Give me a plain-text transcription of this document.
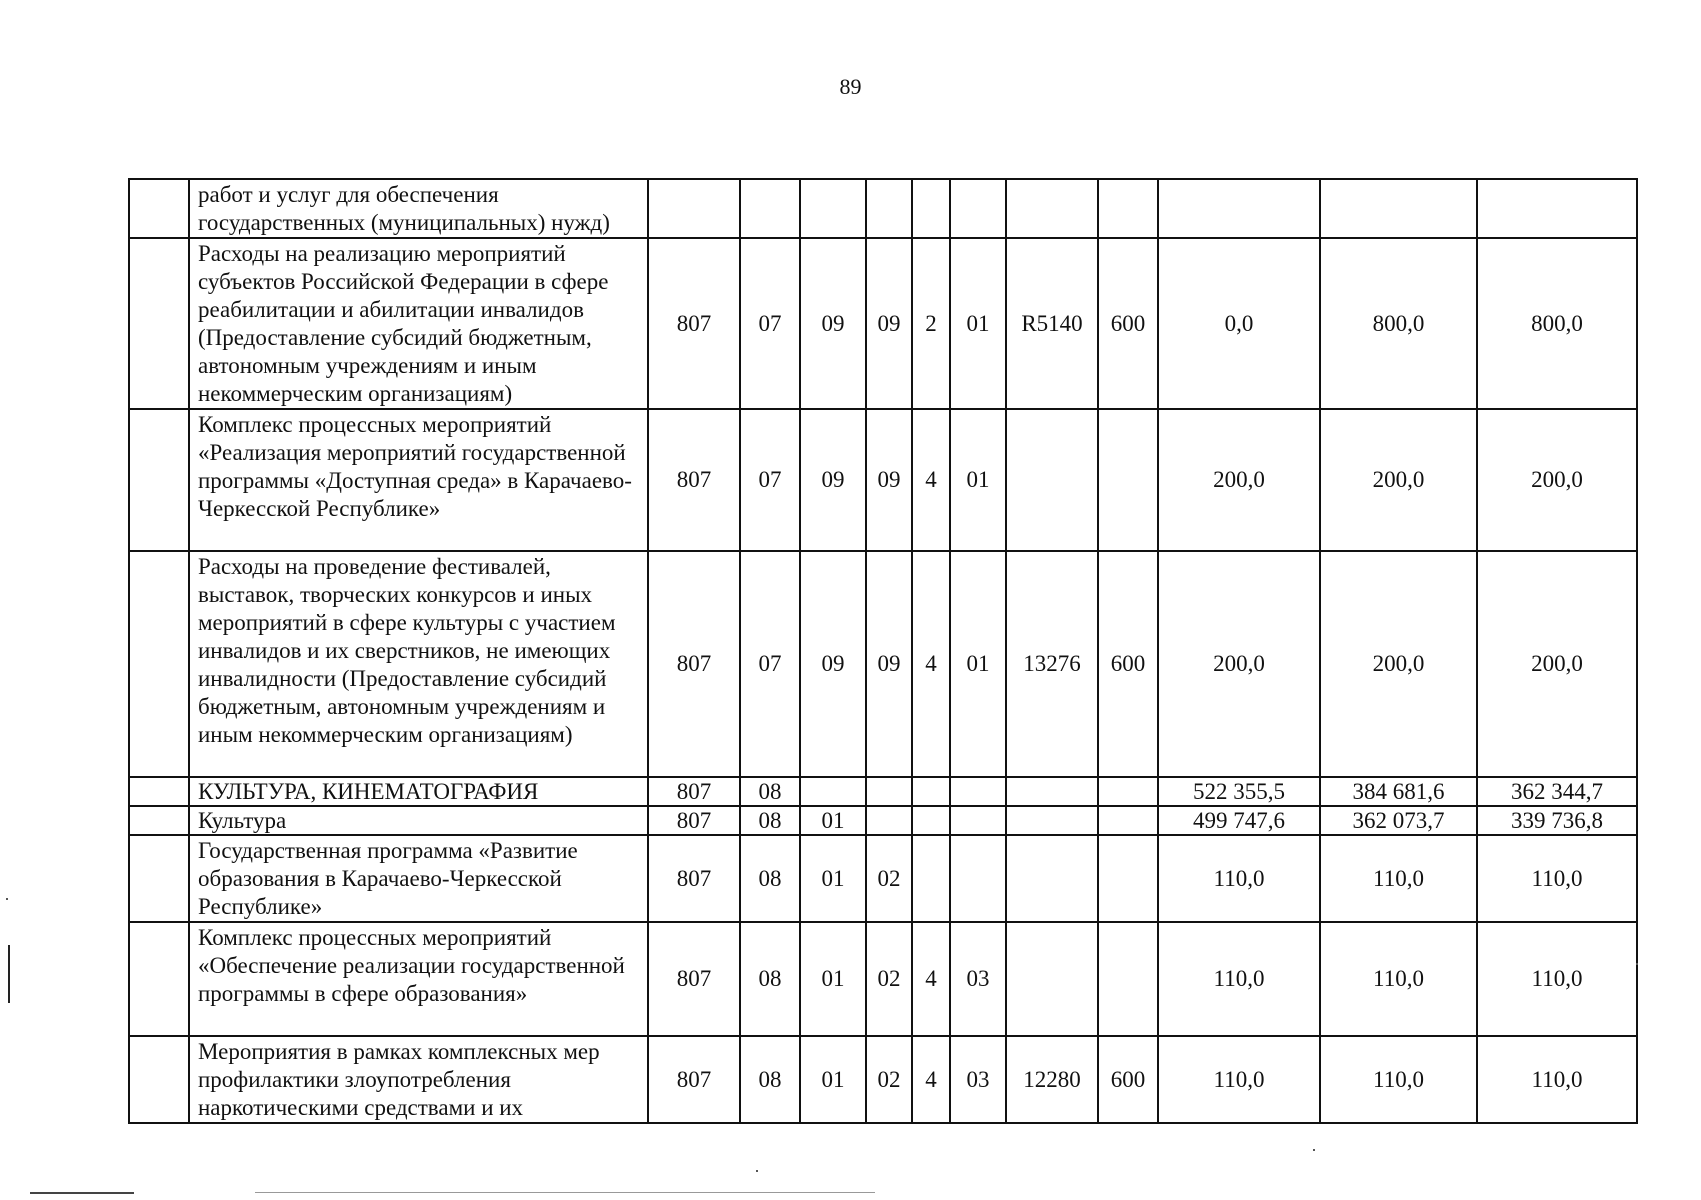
89
	работ и услуг для обеспечения государственных (муниципальных) нужд)											
	Расходы на реализацию мероприятий субъектов Российской Федерации в сфере реабилитации и абилитации инвалидов (Предоставление субсидий бюджетным, автономным учреждениям и иным некоммерческим организациям)	807	07	09	09	2	01	R5140	600	0,0	800,0	800,0
	Комплекс процессных мероприятий «Реализация мероприятий государственной программы «Доступная среда» в Карачаево-Черкесской Республике»	807	07	09	09	4	01			200,0	200,0	200,0
	Расходы на проведение фестивалей, выставок, творческих конкурсов и иных мероприятий в сфере культуры с участием инвалидов и их сверстников, не имеющих инвалидности (Предоставление субсидий бюджетным, автономным учреждениям и иным некоммерческим организациям)	807	07	09	09	4	01	13276	600	200,0	200,0	200,0
	КУЛЬТУРА, КИНЕМАТОГРАФИЯ	807	08							522 355,5	384 681,6	362 344,7
	Культура	807	08	01						499 747,6	362 073,7	339 736,8
	Государственная программа «Развитие образования в Карачаево-Черкесской Республике»	807	08	01	02					110,0	110,0	110,0
	Комплекс процессных мероприятий «Обеспечение реализации государственной программы в сфере образования»	807	08	01	02	4	03			110,0	110,0	110,0
	Мероприятия в рамках комплексных мер профилактики злоупотребления наркотическими средствами и их	807	08	01	02	4	03	12280	600	110,0	110,0	110,0
